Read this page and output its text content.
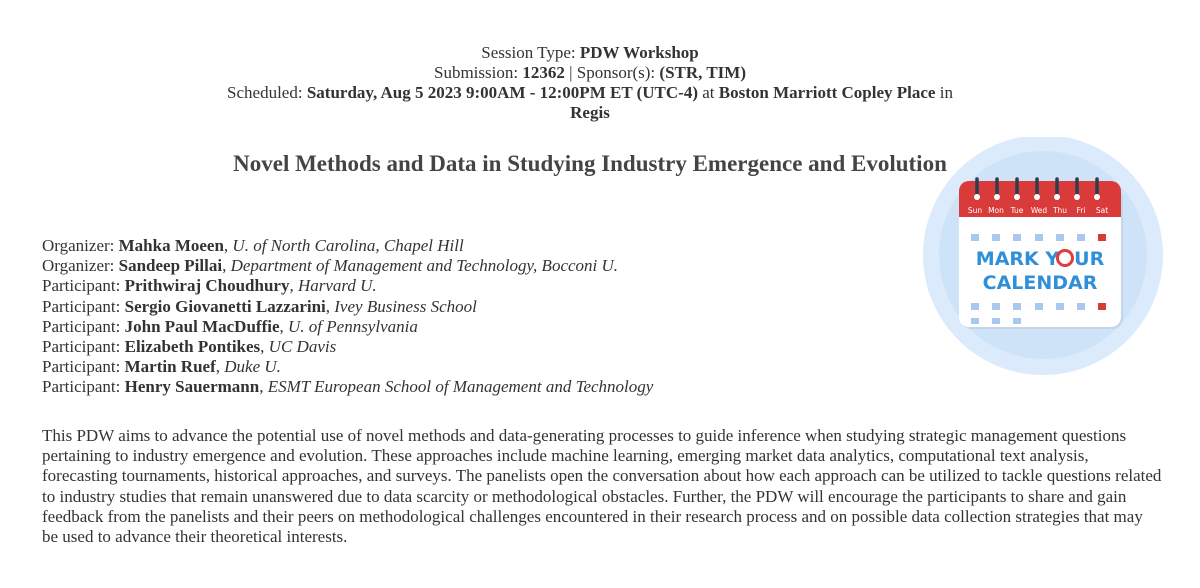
Session Type: PDW Workshop
Submission: 12362 | Sponsor(s): (STR, TIM)
Scheduled: Saturday, Aug 5 2023 9:00AM - 12:00PM ET (UTC-4) at Boston Marriott Copley Place in
Regis
Novel Methods and Data in Studying Industry Emergence and Evolution
Organizer: Mahka Moeen, U. of North Carolina, Chapel Hill
Organizer: Sandeep Pillai, Department of Management and Technology, Bocconi U.
Participant: Prithwiraj Choudhury, Harvard U.
Participant: Sergio Giovanetti Lazzarini, Ivey Business School
Participant: John Paul MacDuffie, U. of Pennsylvania
Participant: Elizabeth Pontikes, UC Davis
Participant: Martin Ruef, Duke U.
Participant: Henry Sauermann, ESMT European School of Management and Technology
This PDW aims to advance the potential use of novel methods and data-generating processes to guide inference when studying strategic management questions pertaining to industry emergence and evolution. These approaches include machine learning, emerging market data analytics, computational text analysis, forecasting tournaments, historical approaches, and surveys. The panelists open the conversation about how each approach can be utilized to tackle questions related to industry studies that remain unanswered due to data scarcity or methodological obstacles. Further, the PDW will encourage the participants to share and gain feedback from the panelists and their peers on methodological challenges encountered in their research process and on possible data collection strategies that may be used to advance their theoretical interests.
Sun Mon Tue Wed Thu Fri Sat
MARK Y UR
CALENDAR
